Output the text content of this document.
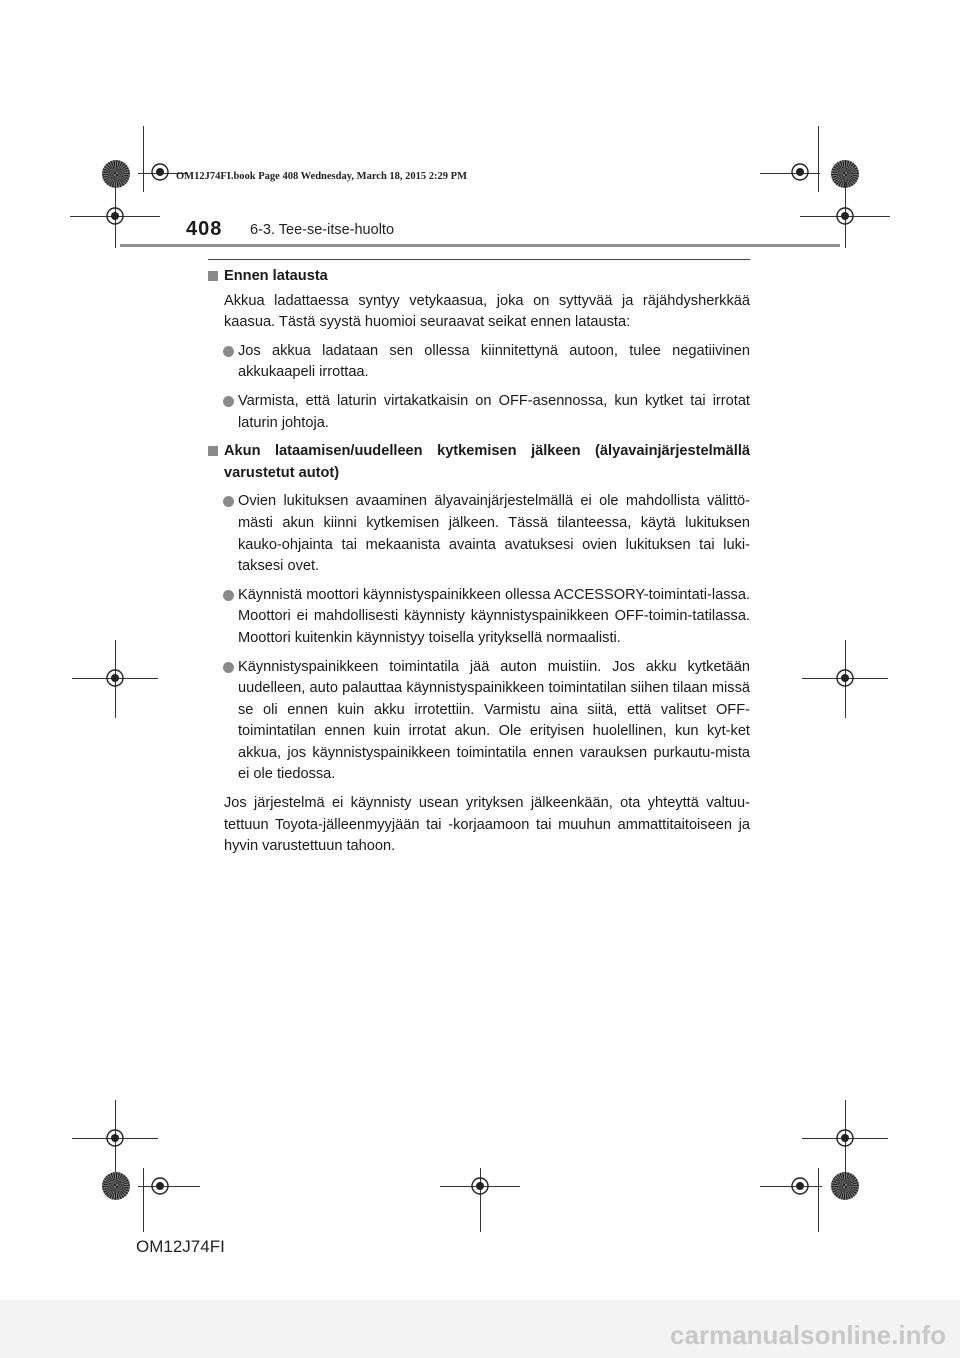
OM12J74FI.book Page 408 Wednesday, March 18, 2015 2:29 PM
408 6-3. Tee-se-itse-huolto
Ennen latausta
Akkua ladattaessa syntyy vetykaasua, joka on syttyvää ja räjähdysherkkää kaasua. Tästä syystä huomioi seuraavat seikat ennen latausta:
Jos akkua ladataan sen ollessa kiinnitettynä autoon, tulee negatiivinen akkukaapeli irrottaa.
Varmista, että laturin virtakatkaisin on OFF-asennossa, kun kytket tai irrotat laturin johtoja.
Akun lataamisen/uudelleen kytkemisen jälkeen (älyavainjärjestelmällä varustetut autot)
Ovien lukituksen avaaminen älyavainjärjestelmällä ei ole mahdollista välittö-mästi akun kiinni kytkemisen jälkeen. Tässä tilanteessa, käytä lukituksen kauko-ohjainta tai mekaanista avainta avatuksesi ovien lukituksen tai luki-taksesi ovet.
Käynnistä moottori käynnistyspainikkeen ollessa ACCESSORY-toimintati-lassa. Moottori ei mahdollisesti käynnisty käynnistyspainikkeen OFF-toimin-tatilassa. Moottori kuitenkin käynnistyy toisella yrityksellä normaalisti.
Käynnistyspainikkeen toimintatila jää auton muistiin. Jos akku kytketään uudelleen, auto palauttaa käynnistyspainikkeen toimintatilan siihen tilaan missä se oli ennen kuin akku irrotettiin. Varmistu aina siitä, että valitset OFF-toimintatilan ennen kuin irrotat akun. Ole erityisen huolellinen, kun kyt-ket akkua, jos käynnistyspainikkeen toimintatila ennen varauksen purkautu-mista ei ole tiedossa.
Jos järjestelmä ei käynnisty usean yrityksen jälkeenkään, ota yhteyttä valtuu-tettuun Toyota-jälleenmyyjään tai -korjaamoon tai muuhun ammattitaitoiseen ja hyvin varustettuun tahoon.
OM12J74FI
carmanualsonline.info
